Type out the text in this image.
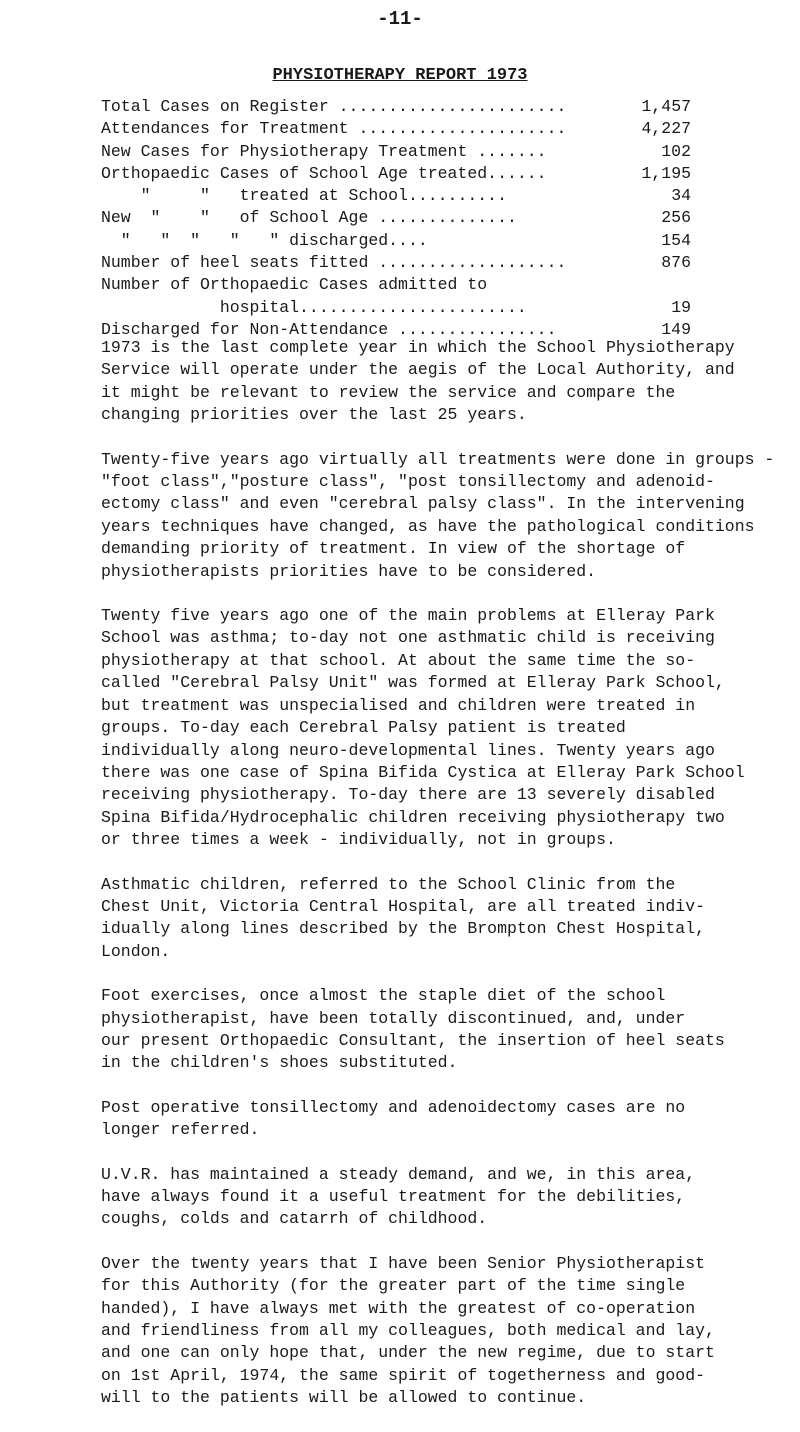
-11-
PHYSIOTHERAPY REPORT 1973
Total Cases on Register .......................	1,457
Attendances for Treatment .....................	4,227
New Cases for Physiotherapy Treatment .......	102
Orthopaedic Cases of School Age treated......	1,195
"     "   treated at School..........	34
New  "    "   of School Age ..............	256
"   "  "   "   " discharged....	154
Number of heel seats fitted ...................	876
Number of Orthopaedic Cases admitted to
hospital.......................	19
Discharged for Non-Attendance ................	149

1973 is the last complete year in which the School Physiotherapy
Service will operate under the aegis of the Local Authority, and
it might be relevant to review the service and compare the
changing priorities over the last 25 years.

Twenty-five years ago virtually all treatments were done in groups -
"foot class","posture class", "post tonsillectomy and adenoid-
ectomy class" and even "cerebral palsy class". In the intervening
years techniques have changed, as have the pathological conditions
demanding priority of treatment. In view of the shortage of
physiotherapists priorities have to be considered.

Twenty five years ago one of the main problems at Elleray Park
School was asthma; to-day not one asthmatic child is receiving
physiotherapy at that school. At about the same time the so-
called "Cerebral Palsy Unit" was formed at Elleray Park School,
but treatment was unspecialised and children were treated in
groups. To-day each Cerebral Palsy patient is treated
individually along neuro-developmental lines. Twenty years ago
there was one case of Spina Bifida Cystica at Elleray Park School
receiving physiotherapy. To-day there are 13 severely disabled
Spina Bifida/Hydrocephalic children receiving physiotherapy two
or three times a week - individually, not in groups.

Asthmatic children, referred to the School Clinic from the
Chest Unit, Victoria Central Hospital, are all treated indiv-
idually along lines described by the Brompton Chest Hospital,
London.

Foot exercises, once almost the staple diet of the school
physiotherapist, have been totally discontinued, and, under
our present Orthopaedic Consultant, the insertion of heel seats
in the children's shoes substituted.

Post operative tonsillectomy and adenoidectomy cases are no
longer referred.

U.V.R. has maintained a steady demand, and we, in this area,
have always found it a useful treatment for the debilities,
coughs, colds and catarrh of childhood.

Over the twenty years that I have been Senior Physiotherapist
for this Authority (for the greater part of the time single
handed), I have always met with the greatest of co-operation
and friendliness from all my colleagues, both medical and lay,
and one can only hope that, under the new regime, due to start
on 1st April, 1974, the same spirit of togetherness and good-
will to the patients will be allowed to continue.
